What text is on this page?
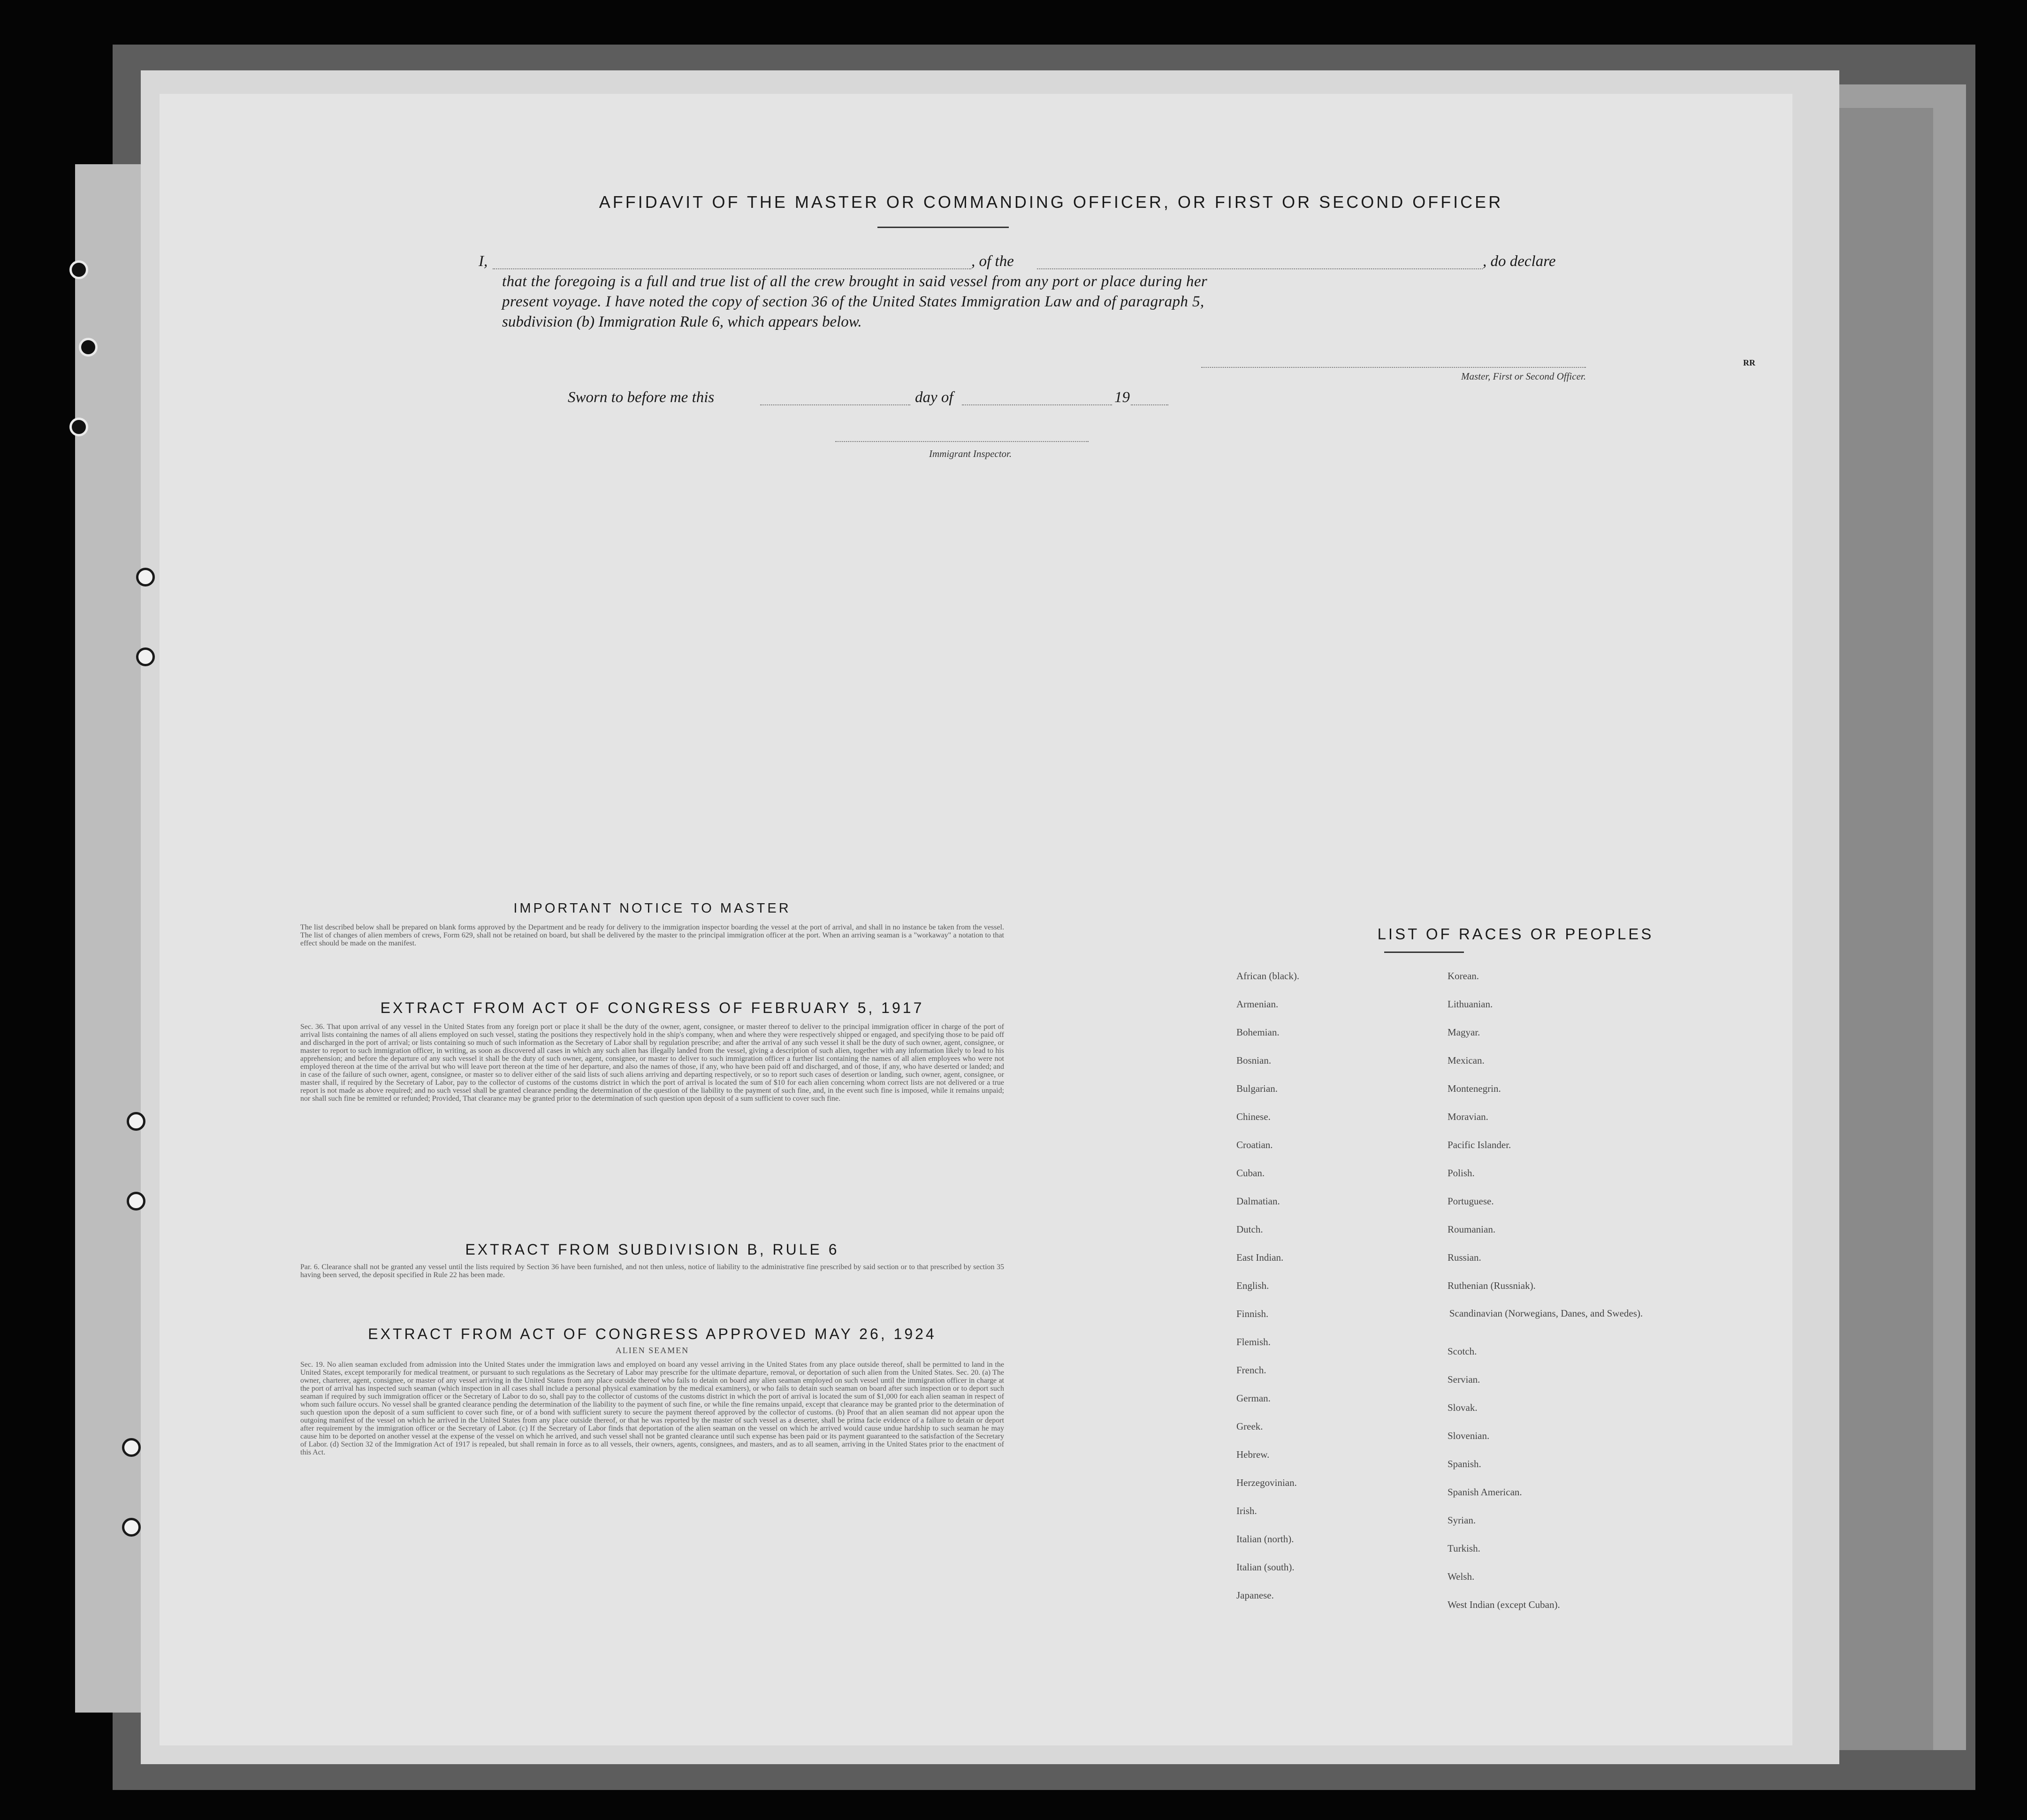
AFFIDAVIT OF THE MASTER OR COMMANDING OFFICER, OR FIRST OR SECOND OFFICER
I,	, of the	, do declare
that the foregoing is a full and true list of all the crew brought in said vessel from any port or place during her
present voyage. I have noted the copy of section 36 of the United States Immigration Law and of paragraph 5,
subdivision (b) Immigration Rule 6, which appears below.
Master, First or Second Officer.
Sworn to before me this	day of	19
Immigrant Inspector.
RR
IMPORTANT NOTICE TO MASTER
The list described below shall be prepared on blank forms approved by the Department and be ready for delivery to the immigration inspector boarding the vessel at the port of arrival, and shall in no instance be taken from the vessel. The list of changes of alien members of crews, Form 629, shall not be retained on board, but shall be delivered by the master to the principal immigration officer at the port. When an arriving seaman is a "workaway" a notation to that effect should be made on the manifest.
EXTRACT FROM ACT OF CONGRESS OF FEBRUARY 5, 1917
Sec. 36. That upon arrival of any vessel in the United States from any foreign port or place it shall be the duty of the owner, agent, consignee, or master thereof to deliver to the principal immigration officer in charge of the port of arrival lists containing the names of all aliens employed on such vessel, stating the positions they respectively hold in the ship's company, when and where they were respectively shipped or engaged, and specifying those to be paid off and discharged in the port of arrival; or lists containing so much of such information as the Secretary of Labor shall by regulation prescribe; and after the arrival of any such vessel it shall be the duty of such owner, agent, consignee, or master to report to such immigration officer, in writing, as soon as discovered all cases in which any such alien has illegally landed from the vessel, giving a description of such alien, together with any information likely to lead to his apprehension; and before the departure of any such vessel it shall be the duty of such owner, agent, consignee, or master to deliver to such immigration officer a further list containing the names of all alien employees who were not employed thereon at the time of the arrival but who will leave port thereon at the time of her departure, and also the names of those, if any, who have been paid off and discharged, and of those, if any, who have deserted or landed; and in case of the failure of such owner, agent, consignee, or master so to deliver either of the said lists of such aliens arriving and departing respectively, or so to report such cases of desertion or landing, such owner, agent, consignee, or master shall, if required by the Secretary of Labor, pay to the collector of customs of the customs district in which the port of arrival is located the sum of $10 for each alien concerning whom correct lists are not delivered or a true report is not made as above required; and no such vessel shall be granted clearance pending the determination of the question of the liability to the payment of such fine, and, in the event such fine is imposed, while it remains unpaid; nor shall such fine be remitted or refunded; Provided, That clearance may be granted prior to the determination of such question upon deposit of a sum sufficient to cover such fine.
EXTRACT FROM SUBDIVISION B, RULE 6
Par. 6. Clearance shall not be granted any vessel until the lists required by Section 36 have been furnished, and not then unless, notice of liability to the administrative fine prescribed by said section or to that prescribed by section 35 having been served, the deposit specified in Rule 22 has been made.
EXTRACT FROM ACT OF CONGRESS APPROVED MAY 26, 1924
ALIEN SEAMEN
Sec. 19. No alien seaman excluded from admission into the United States under the immigration laws and employed on board any vessel arriving in the United States from any place outside thereof, shall be permitted to land in the United States, except temporarily for medical treatment, or pursuant to such regulations as the Secretary of Labor may prescribe for the ultimate departure, removal, or deportation of such alien from the United States. Sec. 20. (a) The owner, charterer, agent, consignee, or master of any vessel arriving in the United States from any place outside thereof who fails to detain on board any alien seaman employed on such vessel until the immigration officer in charge at the port of arrival has inspected such seaman (which inspection in all cases shall include a personal physical examination by the medical examiners), or who fails to detain such seaman on board after such inspection or to deport such seaman if required by such immigration officer or the Secretary of Labor to do so, shall pay to the collector of customs of the customs district in which the port of arrival is located the sum of $1,000 for each alien seaman in respect of whom such failure occurs. No vessel shall be granted clearance pending the determination of the liability to the payment of such fine, or while the fine remains unpaid, except that clearance may be granted prior to the determination of such question upon the deposit of a sum sufficient to cover such fine, or of a bond with sufficient surety to secure the payment thereof approved by the collector of customs. (b) Proof that an alien seaman did not appear upon the outgoing manifest of the vessel on which he arrived in the United States from any place outside thereof, or that he was reported by the master of such vessel as a deserter, shall be prima facie evidence of a failure to detain or deport after requirement by the immigration officer or the Secretary of Labor. (c) If the Secretary of Labor finds that deportation of the alien seaman on the vessel on which he arrived would cause undue hardship to such seaman he may cause him to be deported on another vessel at the expense of the vessel on which he arrived, and such vessel shall not be granted clearance until such expense has been paid or its payment guaranteed to the satisfaction of the Secretary of Labor. (d) Section 32 of the Immigration Act of 1917 is repealed, but shall remain in force as to all vessels, their owners, agents, consignees, and masters, and as to all seamen, arriving in the United States prior to the enactment of this Act.
LIST OF RACES OR PEOPLES
African (black).
Armenian.
Bohemian.
Bosnian.
Bulgarian.
Chinese.
Croatian.
Cuban.
Dalmatian.
Dutch.
East Indian.
English.
Finnish.
Flemish.
French.
German.
Greek.
Hebrew.
Herzegovinian.
Irish.
Italian (north).
Italian (south).
Japanese.
Korean.
Lithuanian.
Magyar.
Mexican.
Montenegrin.
Moravian.
Pacific Islander.
Polish.
Portuguese.
Roumanian.
Russian.
Ruthenian (Russniak).
Scandinavian (Norwegians, Danes, and Swedes).
Scotch.
Servian.
Slovak.
Slovenian.
Spanish.
Spanish American.
Syrian.
Turkish.
Welsh.
West Indian (except Cuban).
